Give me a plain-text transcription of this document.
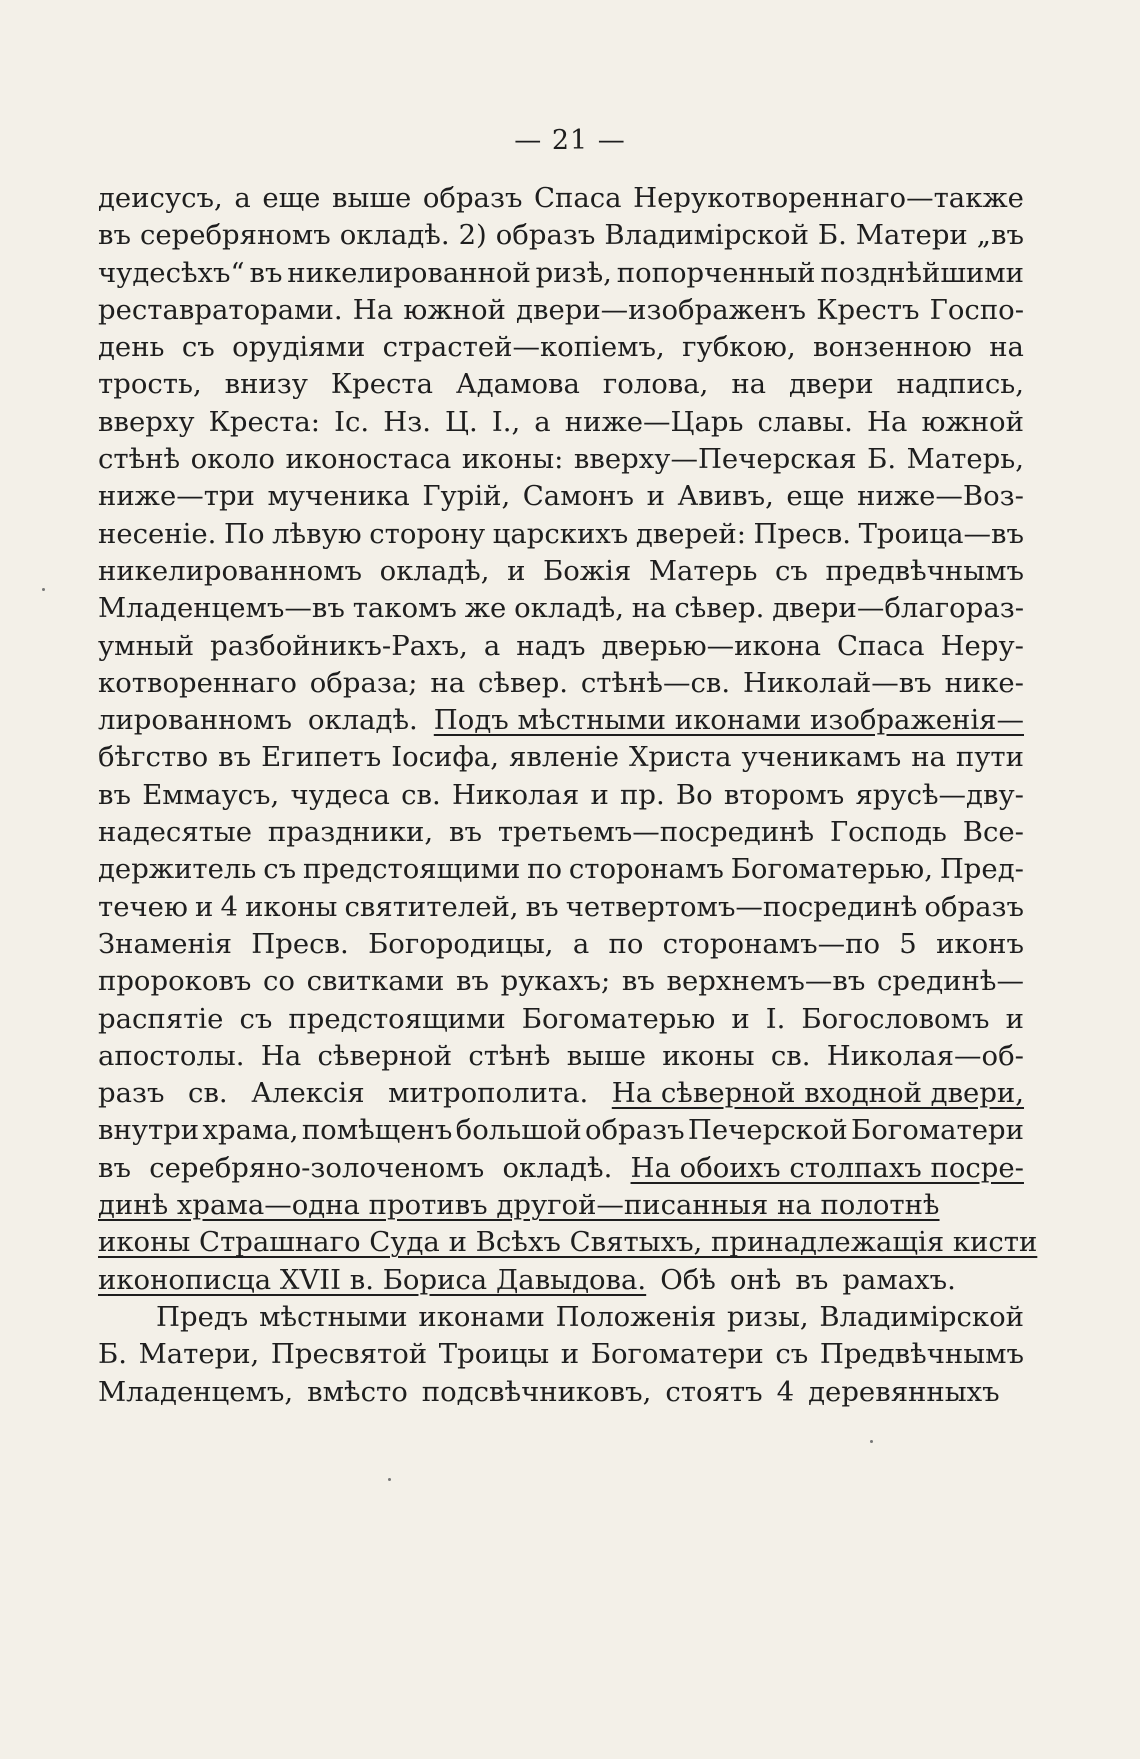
— 21 —
деисусъ, а еще выше образъ Спаса Нерукотвореннаго—также
въ серебряномъ окладѣ. 2) образъ Владимірской Б. Матери „въ
чудесѣхъ“ въ никелированной ризѣ, попорченный позднѣйшими
реставраторами. На южной двери—изображенъ Крестъ Госпо-
день съ орудіями страстей—копіемъ, губкою, вонзенною на
трость, внизу Креста Адамова голова, на двери надпись,
вверху Креста: Іс. Нз. Ц. І., а ниже—Царь славы. На южной
стѣнѣ около иконостаса иконы: вверху—Печерская Б. Матерь,
ниже—три мученика Гурій, Самонъ и Авивъ, еще ниже—Воз-
несеніе. По лѣвую сторону царскихъ дверей: Пресв. Троица—въ
никелированномъ окладѣ, и Божія Матерь съ предвѣчнымъ
Младенцемъ—въ такомъ же окладѣ, на сѣвер. двери—благораз-
умный разбойникъ-Рахъ, а надъ дверью—икона Спаса Неру-
котвореннаго образа; на сѣвер. стѣнѣ—св. Николай—въ нике-
лированномъ окладѣ. Подъ мѣстными иконами изображенія—
бѣгство въ Египетъ Іосифа, явленіе Христа ученикамъ на пути
въ Еммаусъ, чудеса св. Николая и пр. Во второмъ ярусѣ—дву-
надесятые праздники, въ третьемъ—посрединѣ Господь Все-
держитель съ предстоящими по сторонамъ Богоматерью, Пред-
течею и 4 иконы святителей, въ четвертомъ—посрединѣ образъ
Знаменія Пресв. Богородицы, а по сторонамъ—по 5 иконъ
пророковъ со свитками въ рукахъ; въ верхнемъ—въ срединѣ—
распятіе съ предстоящими Богоматерью и І. Богословомъ и
апостолы. На сѣверной стѣнѣ выше иконы св. Николая—об-
разъ св. Алексія митрополита. На сѣверной входной двери,
внутри храма, помѣщенъ большой образъ Печерской Богоматери
въ серебряно-золоченомъ окладѣ. На обоихъ столпахъ посре-
динѣ храма—одна противъ другой—писанныя на полотнѣ
иконы Страшнаго Суда и Всѣхъ Святыхъ, принадлежащія кисти
иконописца XVII в. Бориса Давыдова. Обѣ онѣ въ рамахъ.
Предъ мѣстными иконами Положенія ризы, Владимірской
Б. Матери, Пресвятой Троицы и Богоматери съ Предвѣчнымъ
Младенцемъ, вмѣсто подсвѣчниковъ, стоятъ 4 деревянныхъ
